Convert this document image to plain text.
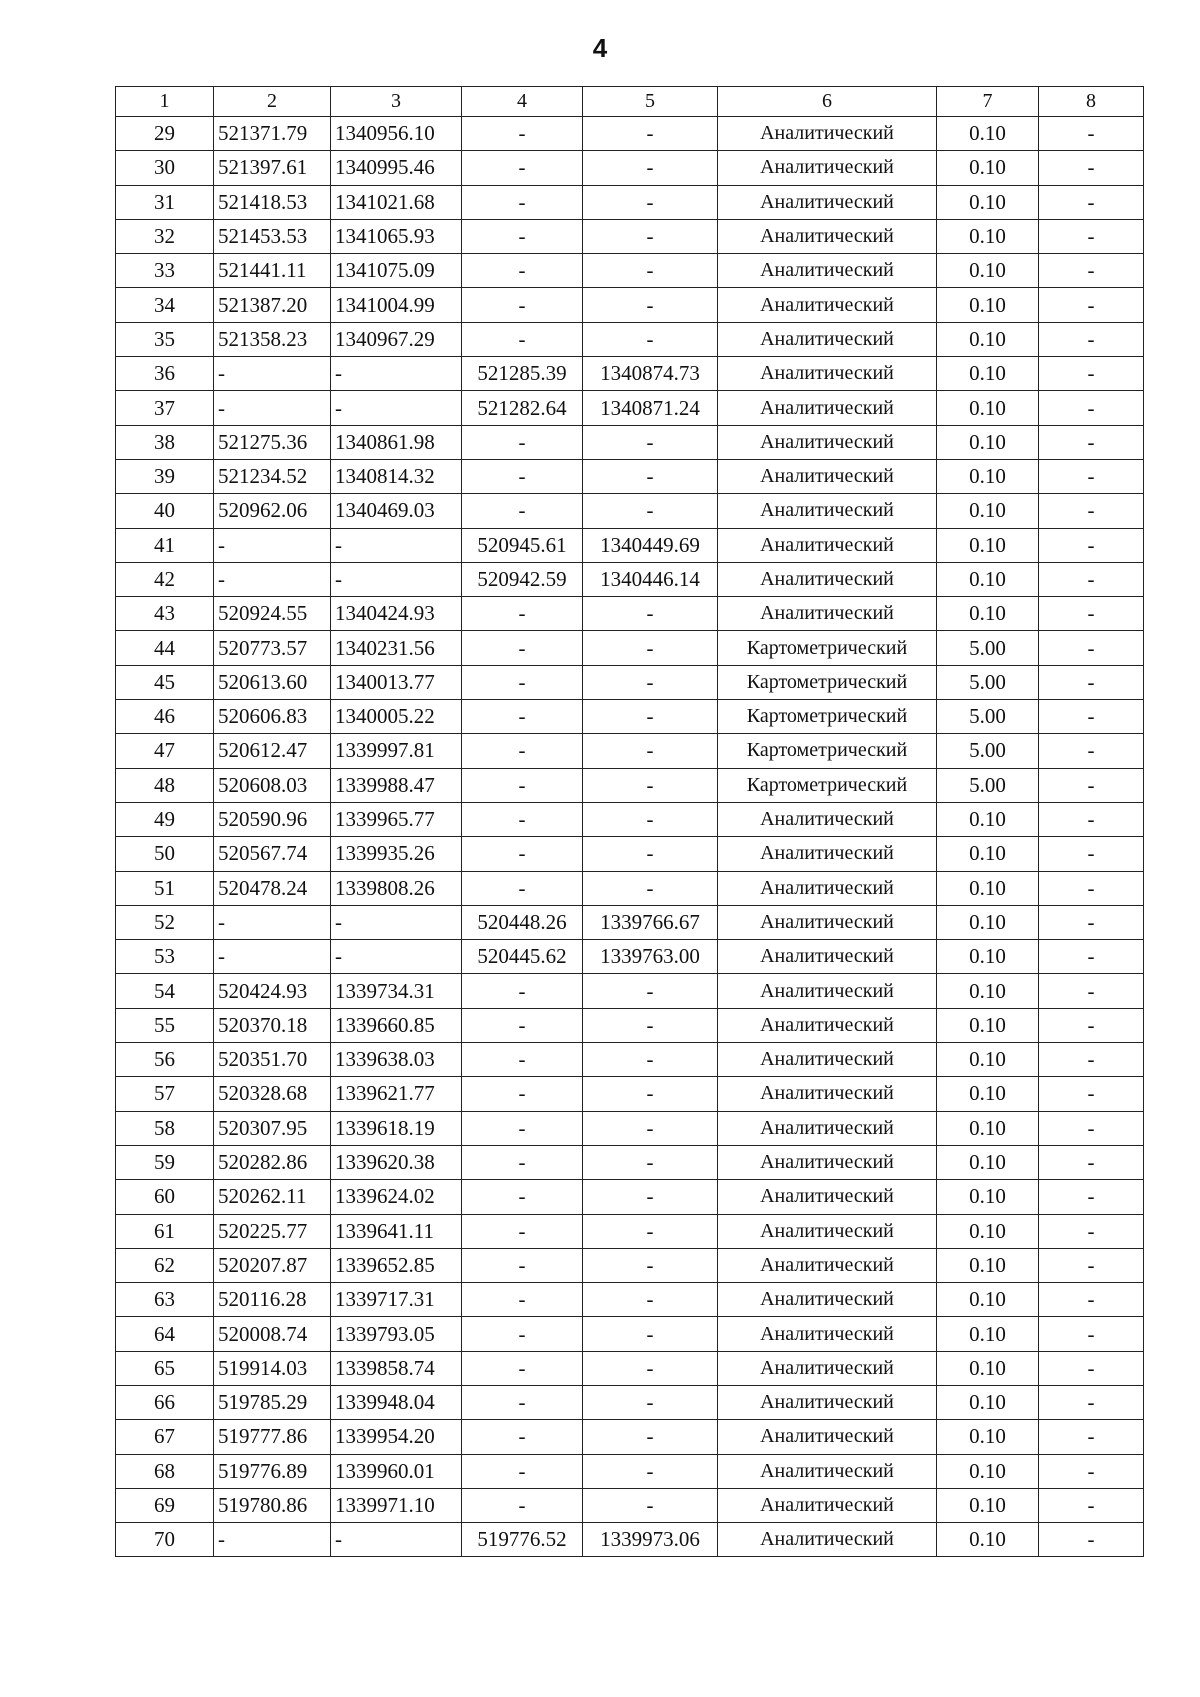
4
1	2	3	4	5	6	7	8
29	521371.79	1340956.10	-	-	Аналитический	0.10	-
30	521397.61	1340995.46	-	-	Аналитический	0.10	-
31	521418.53	1341021.68	-	-	Аналитический	0.10	-
32	521453.53	1341065.93	-	-	Аналитический	0.10	-
33	521441.11	1341075.09	-	-	Аналитический	0.10	-
34	521387.20	1341004.99	-	-	Аналитический	0.10	-
35	521358.23	1340967.29	-	-	Аналитический	0.10	-
36	-	-	521285.39	1340874.73	Аналитический	0.10	-
37	-	-	521282.64	1340871.24	Аналитический	0.10	-
38	521275.36	1340861.98	-	-	Аналитический	0.10	-
39	521234.52	1340814.32	-	-	Аналитический	0.10	-
40	520962.06	1340469.03	-	-	Аналитический	0.10	-
41	-	-	520945.61	1340449.69	Аналитический	0.10	-
42	-	-	520942.59	1340446.14	Аналитический	0.10	-
43	520924.55	1340424.93	-	-	Аналитический	0.10	-
44	520773.57	1340231.56	-	-	Картометрический	5.00	-
45	520613.60	1340013.77	-	-	Картометрический	5.00	-
46	520606.83	1340005.22	-	-	Картометрический	5.00	-
47	520612.47	1339997.81	-	-	Картометрический	5.00	-
48	520608.03	1339988.47	-	-	Картометрический	5.00	-
49	520590.96	1339965.77	-	-	Аналитический	0.10	-
50	520567.74	1339935.26	-	-	Аналитический	0.10	-
51	520478.24	1339808.26	-	-	Аналитический	0.10	-
52	-	-	520448.26	1339766.67	Аналитический	0.10	-
53	-	-	520445.62	1339763.00	Аналитический	0.10	-
54	520424.93	1339734.31	-	-	Аналитический	0.10	-
55	520370.18	1339660.85	-	-	Аналитический	0.10	-
56	520351.70	1339638.03	-	-	Аналитический	0.10	-
57	520328.68	1339621.77	-	-	Аналитический	0.10	-
58	520307.95	1339618.19	-	-	Аналитический	0.10	-
59	520282.86	1339620.38	-	-	Аналитический	0.10	-
60	520262.11	1339624.02	-	-	Аналитический	0.10	-
61	520225.77	1339641.11	-	-	Аналитический	0.10	-
62	520207.87	1339652.85	-	-	Аналитический	0.10	-
63	520116.28	1339717.31	-	-	Аналитический	0.10	-
64	520008.74	1339793.05	-	-	Аналитический	0.10	-
65	519914.03	1339858.74	-	-	Аналитический	0.10	-
66	519785.29	1339948.04	-	-	Аналитический	0.10	-
67	519777.86	1339954.20	-	-	Аналитический	0.10	-
68	519776.89	1339960.01	-	-	Аналитический	0.10	-
69	519780.86	1339971.10	-	-	Аналитический	0.10	-
70	-	-	519776.52	1339973.06	Аналитический	0.10	-
